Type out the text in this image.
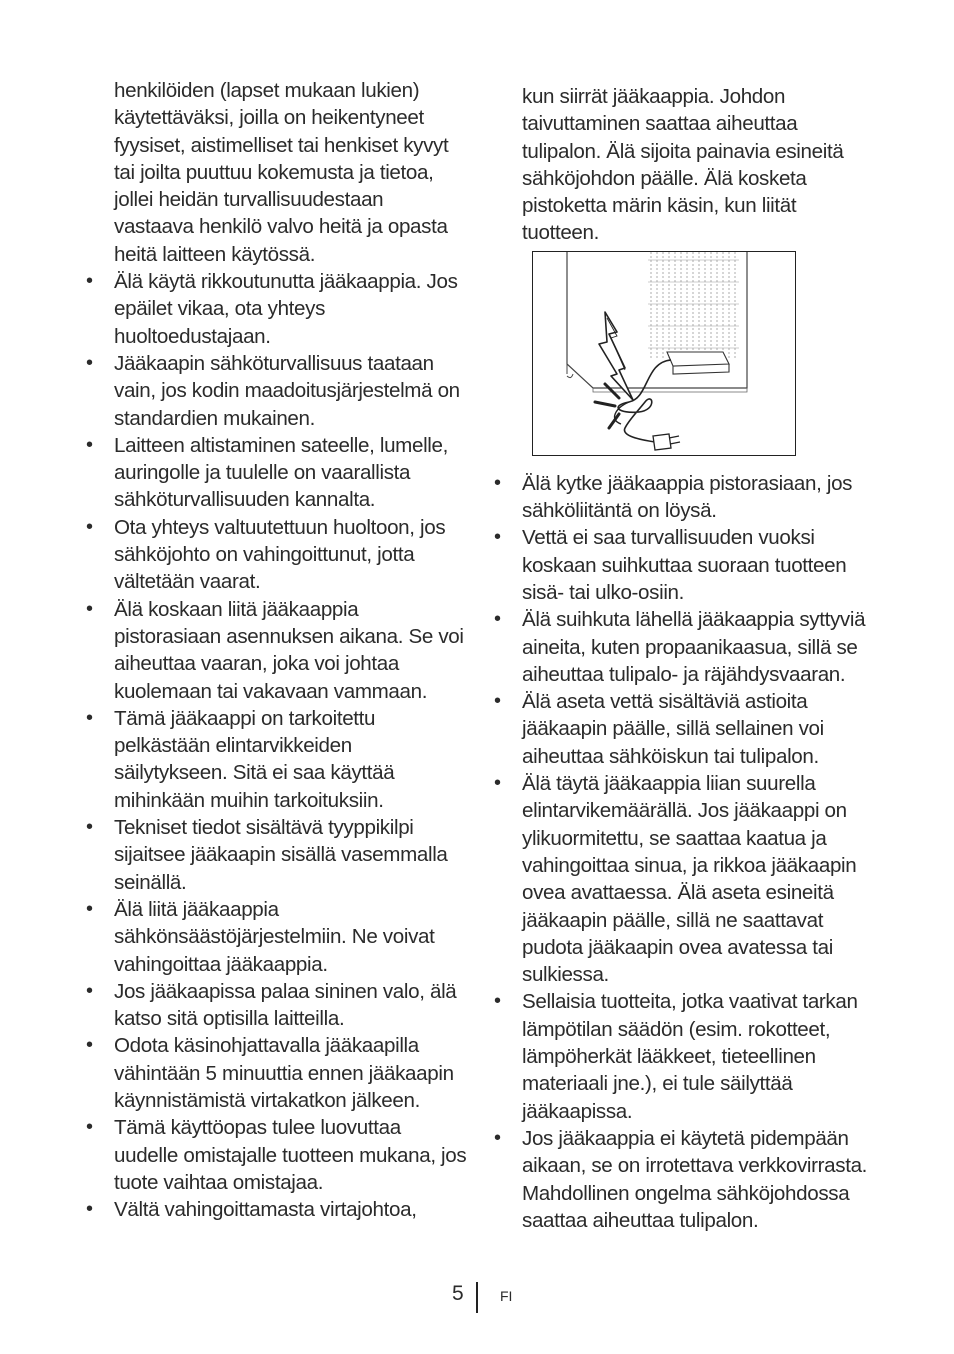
henkilöiden (lapset mukaan lukien) käytettäväksi, joilla on heikentyneet fyysiset, aistimelliset tai henkiset kyvyt tai joilta puuttuu kokemusta ja tietoa, jollei heidän turvallisuudestaan vastaava henkilö valvo heitä ja opasta heitä laitteen käytössä.

• Älä käytä rikkoutunutta jääkaappia. Jos epäilet vikaa, ota yhteys huoltoedustajaan.
• Jääkaapin sähköturvallisuus taataan vain, jos kodin maadoitusjärjestelmä on standardien mukainen.
• Laitteen altistaminen sateelle, lumelle, auringolle ja tuulelle on vaarallista sähköturvallisuuden kannalta.
• Ota yhteys valtuutettuun huoltoon, jos sähköjohto on vahingoittunut, jotta vältetään vaarat.
• Älä koskaan liitä jääkaappia pistorasiaan asennuksen aikana. Se voi aiheuttaa vaaran, joka voi johtaa kuolemaan tai vakavaan vammaan.
• Tämä jääkaappi on tarkoitettu pelkästään elintarvikkeiden säilytykseen. Sitä ei saa käyttää mihinkään muihin tarkoituksiin.
• Tekniset tiedot sisältävä tyyppikilpi sijaitsee jääkaapin sisällä vasemmalla seinällä.
• Älä liitä jääkaappia sähkönsäästöjärjestelmiin. Ne voivat vahingoittaa jääkaappia.
• Jos jääkaapissa palaa sininen valo, älä katso sitä optisilla laitteilla.
• Odota käsinohjattavalla jääkaapilla vähintään 5 minuuttia ennen jääkaapin käynnistämistä virtakatkon jälkeen.
• Tämä käyttöopas tulee luovuttaa uudelle omistajalle tuotteen mukana, jos tuote vaihtaa omistajaa.
• Vältä vahingoittamasta virtajohtoa,

kun siirrät jääkaappia. Johdon taivuttaminen saattaa aiheuttaa tulipalon. Älä sijoita painavia esineitä sähköjohdon päälle. Älä kosketa pistoketta märin käsin, kun liität tuotteen.

• Älä kytke jääkaappia pistorasiaan, jos sähköliitäntä on löysä.
• Vettä ei saa turvallisuuden vuoksi koskaan suihkuttaa suoraan tuotteen sisä- tai ulko-osiin.
• Älä suihkuta lähellä jääkaappia syttyviä aineita, kuten propaanikaasua, sillä se aiheuttaa tulipalo- ja räjähdysvaaran.
• Älä aseta vettä sisältäviä astioita jääkaapin päälle, sillä sellainen voi aiheuttaa sähköiskun tai tulipalon.
• Älä täytä jääkaappia liian suurella elintarvikemäärällä. Jos jääkaappi on ylikuormitettu, se saattaa kaatua ja vahingoittaa sinua, ja rikkoa jääkaapin ovea avattaessa. Älä aseta esineitä jääkaapin päälle, sillä ne saattavat pudota jääkaapin ovea avatessa tai sulkiessa.
• Sellaisia tuotteita, jotka vaativat tarkan lämpötilan säädön (esim. rokotteet, lämpöherkät lääkkeet, tieteellinen materiaali jne.), ei tule säilyttää jääkaapissa.
• Jos jääkaappia ei käytetä pidempään aikaan, se on irrotettava verkkovirrasta. Mahdollinen ongelma sähköjohdossa saattaa aiheuttaa tulipalon.
5	FI
